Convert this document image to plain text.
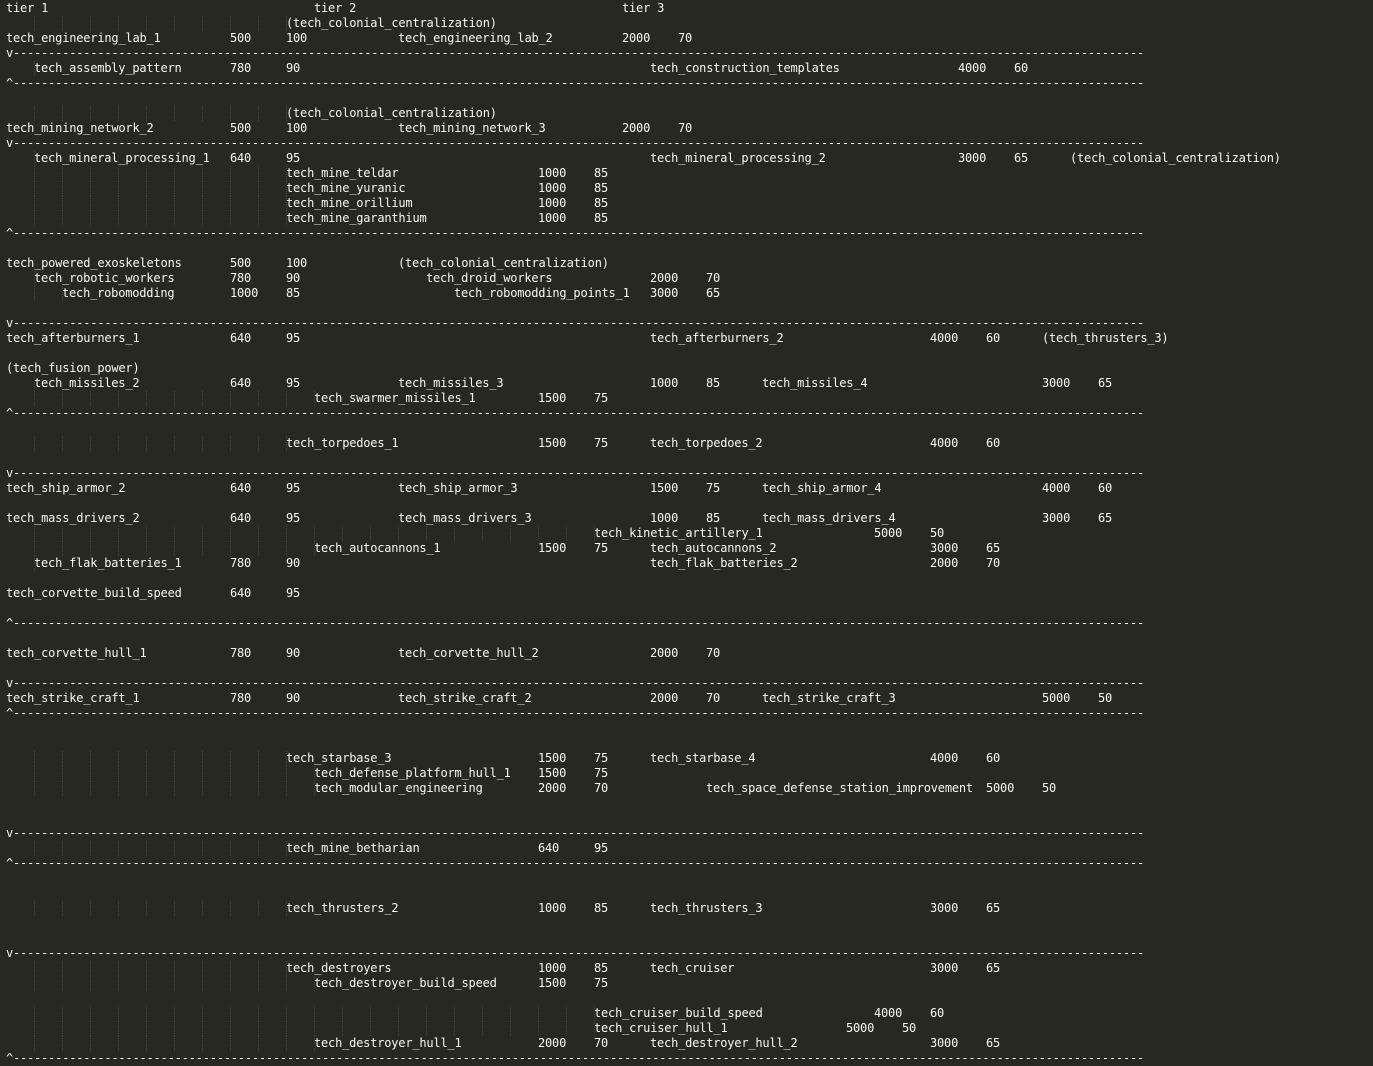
tier 1										tier 2										tier 3
										(tech_colonial_centralization)
tech_engineering_lab_1			500		100				tech_engineering_lab_2			2000	70
v-----------------------------------------------------------------------------------------------------------------------------------------------------------------
	tech_assembly_pattern		780		90													tech_construction_templates					4000	60
^-----------------------------------------------------------------------------------------------------------------------------------------------------------------
										(tech_colonial_centralization)
tech_mining_network_2			500		100				tech_mining_network_3			2000	70
v-----------------------------------------------------------------------------------------------------------------------------------------------------------------
	tech_mineral_processing_1	640		95													tech_mineral_processing_2					3000	65		(tech_colonial_centralization)
										tech_mine_teldar					1000	85
										tech_mine_yuranic					1000	85
										tech_mine_orillium					1000	85
										tech_mine_garanthium				1000	85
^-----------------------------------------------------------------------------------------------------------------------------------------------------------------
tech_powered_exoskeletons		500		100				(tech_colonial_centralization)
	tech_robotic_workers		780		90					tech_droid_workers				2000	70
		tech_robomodding		1000	85						tech_robomodding_points_1	3000	65
v-----------------------------------------------------------------------------------------------------------------------------------------------------------------
tech_afterburners_1				640		95													tech_afterburners_2						4000	60		(tech_thrusters_3)
(tech_fusion_power)
	tech_missiles_2				640		95				tech_missiles_3						1000	85		tech_missiles_4							3000	65
											tech_swarmer_missiles_1			1500	75
^-----------------------------------------------------------------------------------------------------------------------------------------------------------------
										tech_torpedoes_1					1500	75		tech_torpedoes_2						4000	60
v-----------------------------------------------------------------------------------------------------------------------------------------------------------------
tech_ship_armor_2				640		95				tech_ship_armor_3					1500	75		tech_ship_armor_4						4000	60
tech_mass_drivers_2				640		95				tech_mass_drivers_3					1000	85		tech_mass_drivers_4						3000	65
																					tech_kinetic_artillery_1				5000	50
											tech_autocannons_1				1500	75		tech_autocannons_2						3000	65
	tech_flak_batteries_1		780		90													tech_flak_batteries_2					2000	70
tech_corvette_build_speed		640		95
^-----------------------------------------------------------------------------------------------------------------------------------------------------------------
tech_corvette_hull_1			780		90				tech_corvette_hull_2				2000	70
v-----------------------------------------------------------------------------------------------------------------------------------------------------------------
tech_strike_craft_1				780		90				tech_strike_craft_2					2000	70		tech_strike_craft_3						5000	50
^-----------------------------------------------------------------------------------------------------------------------------------------------------------------
										tech_starbase_3						1500	75		tech_starbase_4							4000	60
											tech_defense_platform_hull_1	1500	75
											tech_modular_engineering		2000	70				tech_space_defense_station_improvement	5000	50
v-----------------------------------------------------------------------------------------------------------------------------------------------------------------
										tech_mine_betharian					640		95
^-----------------------------------------------------------------------------------------------------------------------------------------------------------------
										tech_thrusters_2					1000	85		tech_thrusters_3						3000	65
v-----------------------------------------------------------------------------------------------------------------------------------------------------------------
										tech_destroyers						1000	85		tech_cruiser							3000	65
											tech_destroyer_build_speed		1500	75
																					tech_cruiser_build_speed				4000	60
																					tech_cruiser_hull_1					5000	50
											tech_destroyer_hull_1			2000	70		tech_destroyer_hull_2					3000	65
^-----------------------------------------------------------------------------------------------------------------------------------------------------------------
